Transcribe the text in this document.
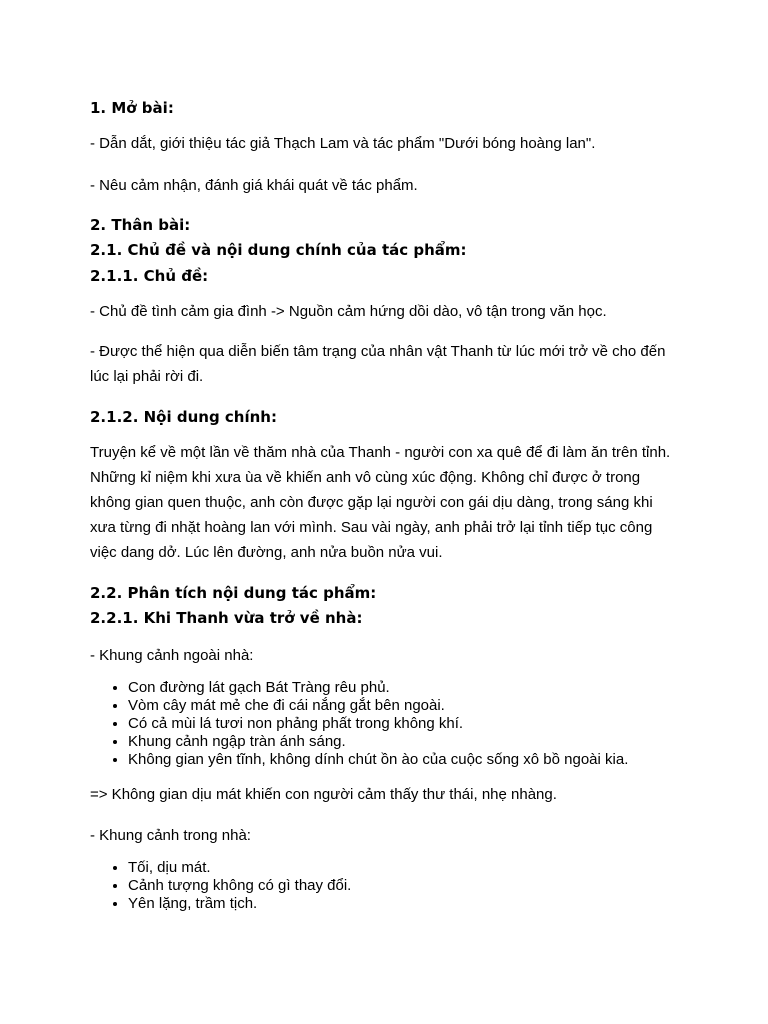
1. Mở bài:
- Dẫn dắt, giới thiệu tác giả Thạch Lam và tác phẩm "Dưới bóng hoàng lan".
- Nêu cảm nhận, đánh giá khái quát về tác phẩm.
2. Thân bài:
2.1. Chủ đề và nội dung chính của tác phẩm:
2.1.1. Chủ đề:
- Chủ đề tình cảm gia đình -> Nguồn cảm hứng dồi dào, vô tận trong văn học.
- Được thể hiện qua diễn biến tâm trạng của nhân vật Thanh từ lúc mới trở về cho đến lúc lại phải rời đi.
2.1.2. Nội dung chính:
Truyện kể về một lần về thăm nhà của Thanh - người con xa quê để đi làm ăn trên tỉnh. Những kỉ niệm khi xưa ùa về khiến anh vô cùng xúc động. Không chỉ được ở trong không gian quen thuộc, anh còn được gặp lại người con gái dịu dàng, trong sáng khi xưa từng đi nhặt hoàng lan với mình. Sau vài ngày, anh phải trở lại tỉnh tiếp tục công việc dang dở. Lúc lên đường, anh nửa buồn nửa vui.
2.2. Phân tích nội dung tác phẩm:
2.2.1. Khi Thanh vừa trở về nhà:
- Khung cảnh ngoài nhà:
• Con đường lát gạch Bát Tràng rêu phủ.
• Vòm cây mát mẻ che đi cái nắng gắt bên ngoài.
• Có cả mùi lá tươi non phảng phất trong không khí.
• Khung cảnh ngập tràn ánh sáng.
• Không gian yên tĩnh, không dính chút ồn ào của cuộc sống xô bồ ngoài kia.
=> Không gian dịu mát khiến con người cảm thấy thư thái, nhẹ nhàng.
- Khung cảnh trong nhà:
• Tối, dịu mát.
• Cảnh tượng không có gì thay đổi.
• Yên lặng, trầm tịch.
